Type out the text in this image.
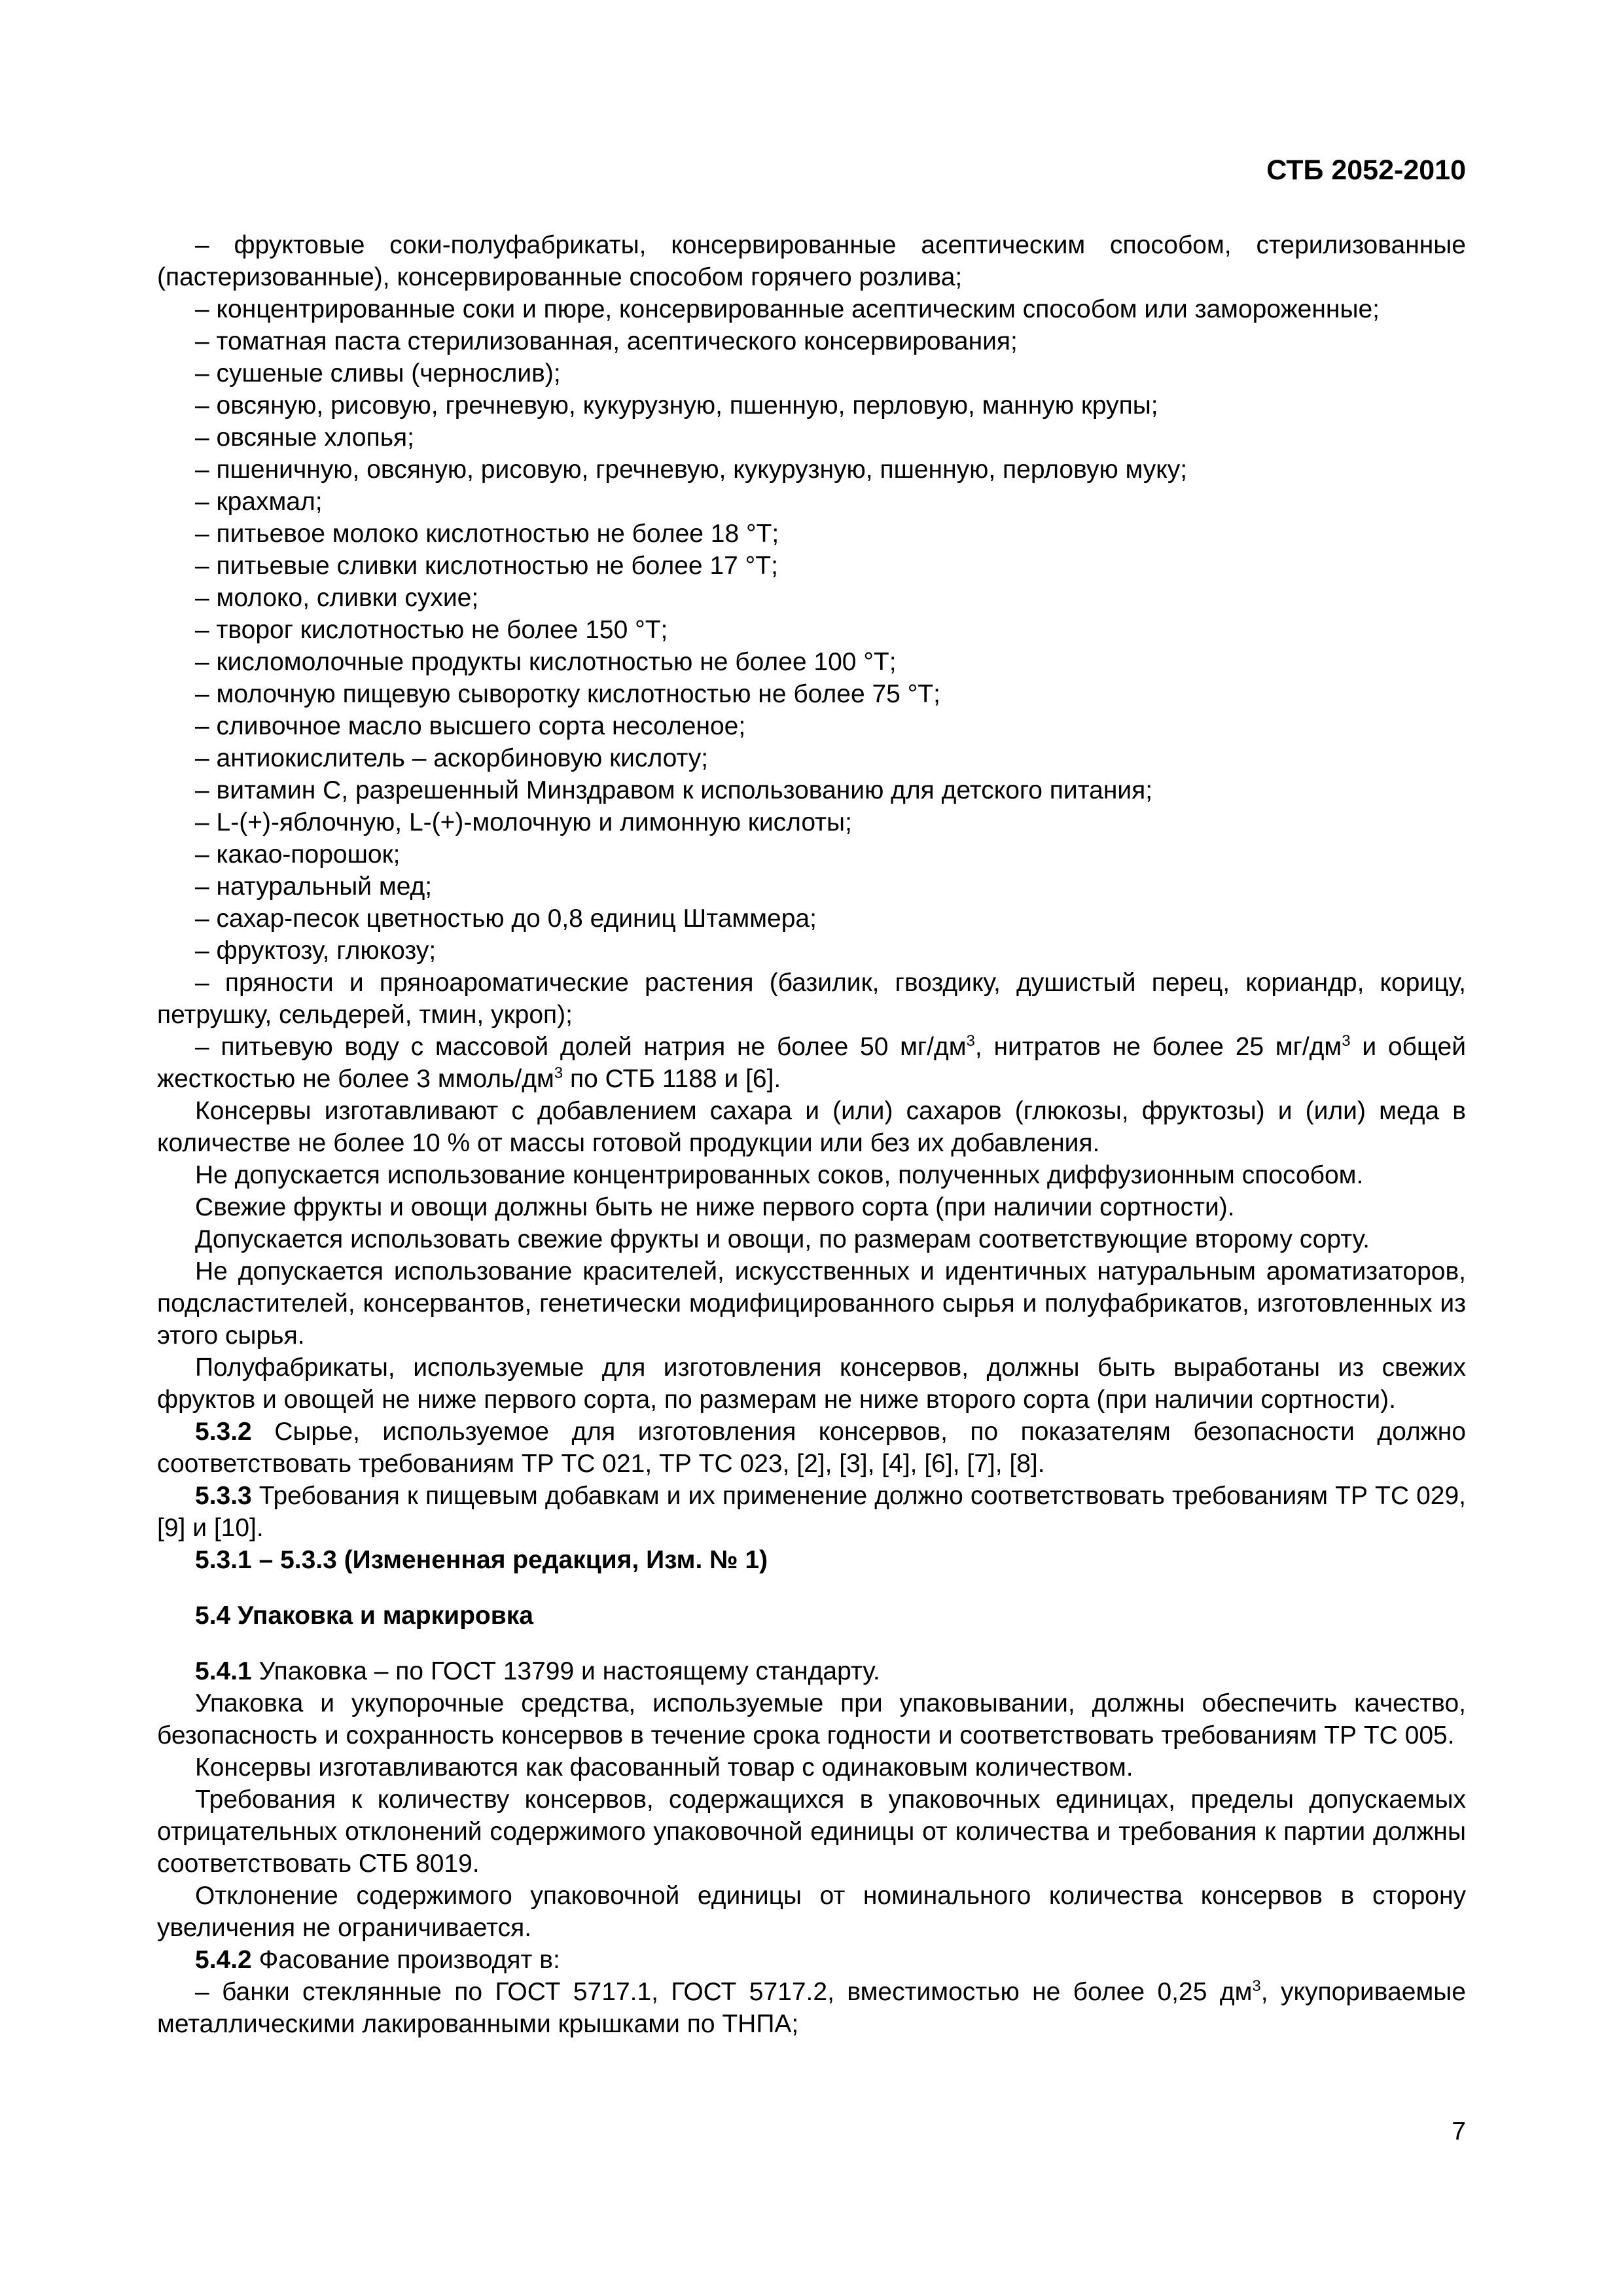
СТБ 2052-2010

– фруктовые соки-полуфабрикаты, консервированные асептическим способом, стерилизованные (пастеризованные), консервированные способом горячего розлива;

– концентрированные соки и пюре, консервированные асептическим способом или замороженные;

– томатная паста стерилизованная, асептического консервирования;

– сушеные сливы (чернослив);

– овсяную, рисовую, гречневую, кукурузную, пшенную, перловую, манную крупы;

– овсяные хлопья;

– пшеничную, овсяную, рисовую, гречневую, кукурузную, пшенную, перловую муку;

– крахмал;

– питьевое молоко кислотностью не более 18 °Т;

– питьевые сливки кислотностью не более 17 °Т;

– молоко, сливки сухие;

– творог кислотностью не более 150 °Т;

– кисломолочные продукты кислотностью не более 100 °Т;

– молочную пищевую сыворотку кислотностью не более 75 °Т;

– сливочное масло высшего сорта несоленое;

– антиокислитель – аскорбиновую кислоту;

– витамин С, разрешенный Минздравом к использованию для детского питания;

– L-(+)-яблочную, L-(+)-молочную и лимонную кислоты;

– какао-порошок;

– натуральный мед;

– сахар-песок цветностью до 0,8 единиц Штаммера;

– фруктозу, глюкозу;

– пряности и пряноароматические растения (базилик, гвоздику, душистый перец, кориандр, корицу, петрушку, сельдерей, тмин, укроп);

– питьевую воду с массовой долей натрия не более 50 $мг/дм^3$, нитратов не более 25 $мг/дм^3$ и общей жесткостью не более 3 ммоль/$дм^3$ по СТБ 1188 и [6].

Консервы изготавливают с добавлением сахара и (или) сахаров (глюкозы, фруктозы) и (или) меда в количестве не более 10 % от массы готовой продукции или без их добавления.

Не допускается использование концентрированных соков, полученных диффузионным способом.

Свежие фрукты и овощи должны быть не ниже первого сорта (при наличии сортности).

Допускается использовать свежие фрукты и овощи, по размерам соответствующие второму сорту.

Не допускается использование красителей, искусственных и идентичных натуральным ароматизаторов, подсластителей, консервантов, генетически модифицированного сырья и полуфабрикатов, изготовленных из этого сырья.

Полуфабрикаты, используемые для изготовления консервов, должны быть выработаны из свежих фруктов и овощей не ниже первого сорта, по размерам не ниже второго сорта (при наличии сортности).

5.3.2 Сырье, используемое для изготовления консервов, по показателям безопасности должно соответствовать требованиям ТР ТС 021, ТР ТС 023, [2], [3], [4], [6], [7], [8].

5.3.3 Требования к пищевым добавкам и их применение должно соответствовать требованиям ТР ТС 029, [9] и [10].

5.3.1 – 5.3.3 (Измененная редакция, Изм. № 1)

5.4 Упаковка и маркировка

5.4.1 Упаковка – по ГОСТ 13799 и настоящему стандарту.

Упаковка и укупорочные средства, используемые при упаковывании, должны обеспечить качество, безопасность и сохранность консервов в течение срока годности и соответствовать требованиям ТР ТС 005.

Консервы изготавливаются как фасованный товар с одинаковым количеством.

Требования к количеству консервов, содержащихся в упаковочных единицах, пределы допускаемых отрицательных отклонений содержимого упаковочной единицы от количества и требования к партии должны соответствовать СТБ 8019.

Отклонение содержимого упаковочной единицы от номинального количества консервов в сторону увеличения не ограничивается.

5.4.2 Фасование производят в:

– банки стеклянные по ГОСТ 5717.1, ГОСТ 5717.2, вместимостью не более 0,25 $дм^3$, укупориваемые металлическими лакированными крышками по ТНПА;

7
